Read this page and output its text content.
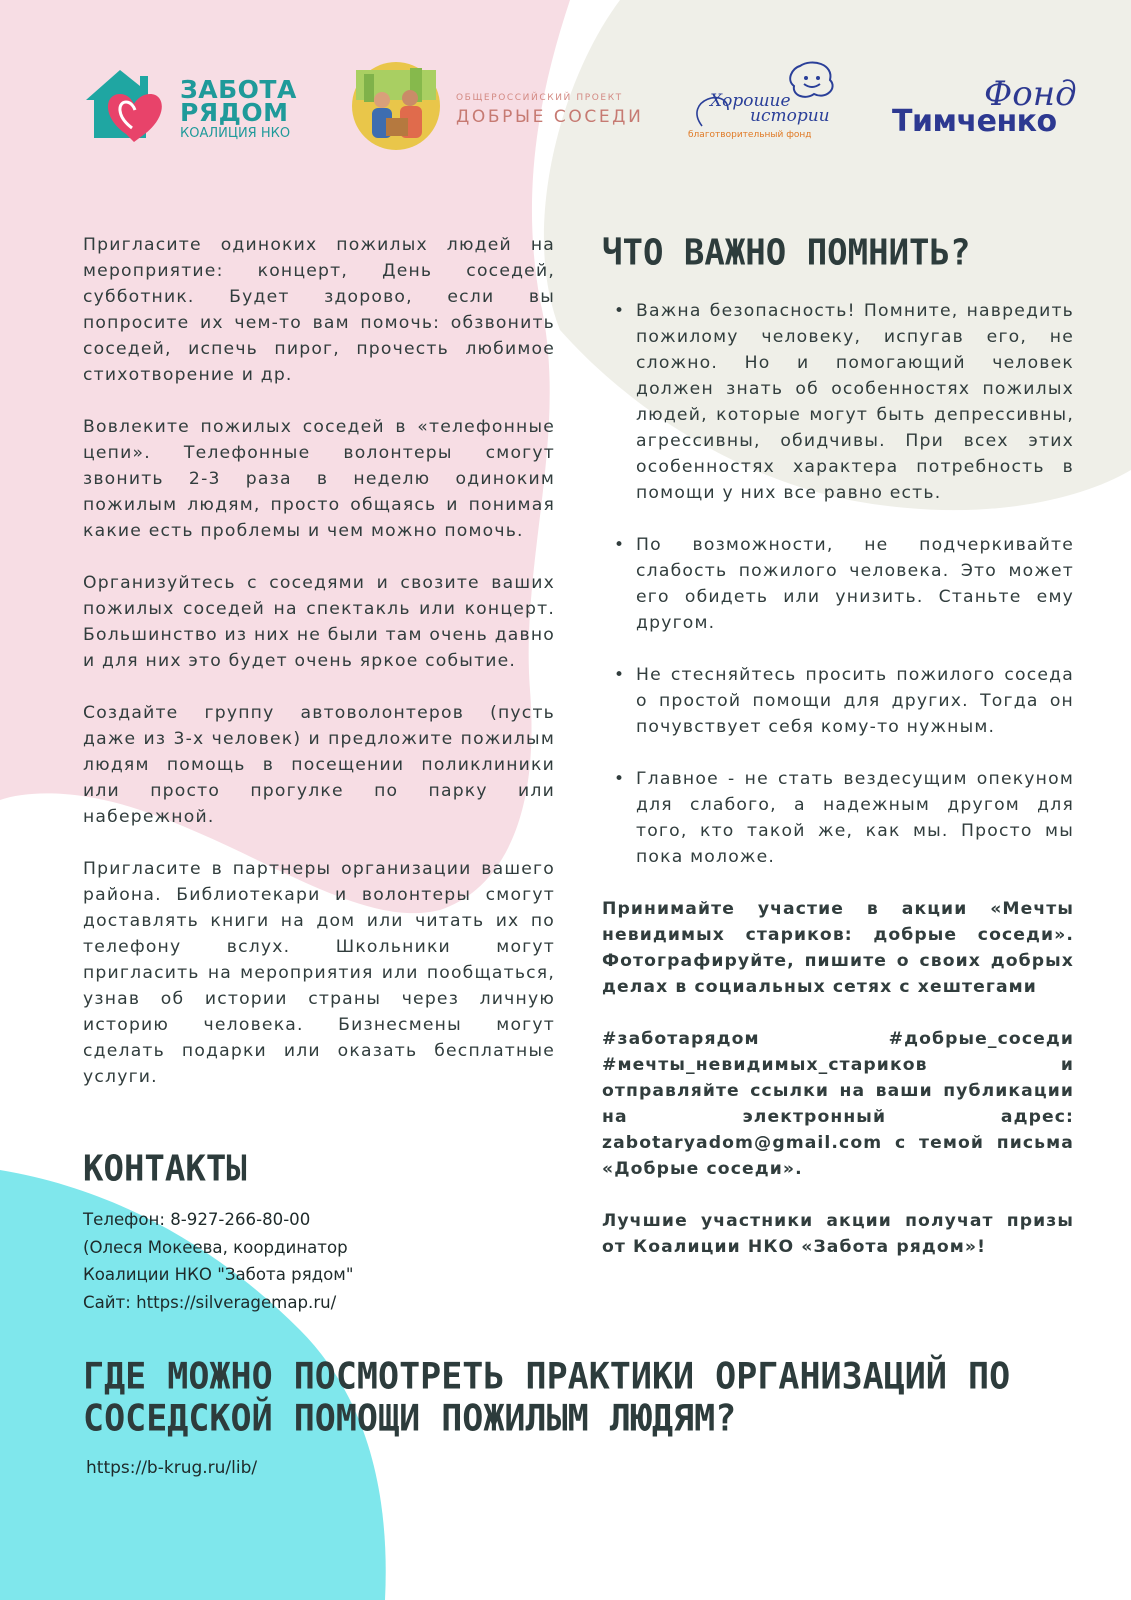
ЗАБОТА
РЯДОМ
КОАЛИЦИЯ НКО
ОБЩЕРОССИЙСКИЙ ПРОЕКТ
ДОБРЫЕ СОСЕДИ
Хорошие
истории
благотворительный фонд
Фонд
Тимченко

Пригласите одиноких пожилых людей на мероприятие: концерт, День соседей, субботник. Будет здорово, если вы попросите их чем-то вам помочь: обзвонить соседей, испечь пирог, прочесть любимое стихотворение и др.

Вовлеките пожилых соседей в «телефонные цепи». Телефонные волонтеры смогут звонить 2-3 раза в неделю одиноким пожилым людям, просто общаясь и понимая какие есть проблемы и чем можно помочь.

Организуйтесь с соседями и свозите ваших пожилых соседей на спектакль или концерт. Большинство из них не были там очень давно и для них это будет очень яркое событие.

Создайте группу автоволонтеров (пусть даже из 3-х человек) и предложите пожилым людям помощь в посещении поликлиники или просто прогулке по парку или набережной.

Пригласите в партнеры организации вашего района. Библиотекари и волонтеры смогут доставлять книги на дом или читать их по телефону вслух. Школьники могут пригласить на мероприятия или пообщаться, узнав об истории страны через личную историю человека. Бизнесмены могут сделать подарки или оказать бесплатные услуги.

ЧТО ВАЖНО ПОМНИТЬ?
• Важна безопасность! Помните, навредить пожилому человеку, испугав его, не сложно. Но и помогающий человек должен знать об особенностях пожилых людей, которые могут быть депрессивны, агрессивны, обидчивы. При всех этих особенностях характера потребность в помощи у них все равно есть.
• По возможности, не подчеркивайте слабость пожилого человека. Это может его обидеть или унизить. Станьте ему другом.
• Не стесняйтесь просить пожилого соседа о простой помощи для других. Тогда он почувствует себя кому-то нужным.
• Главное - не стать вездесущим опекуном для слабого, а надежным другом для того, кто такой же, как мы. Просто мы пока моложе.

Принимайте участие в акции «Мечты невидимых стариков: добрые соседи». Фотографируйте, пишите о своих добрых делах в социальных сетях с хештегами

#заботарядом #добрые_соседи #мечты_невидимых_стариков и отправляйте ссылки на ваши публикации на электронный адрес: zabotaryadom@gmail.com с темой письма «Добрые соседи».

Лучшие участники акции получат призы от Коалиции НКО «Забота рядом»!

КОНТАКТЫ
Телефон: 8-927-266-80-00
(Олеся Мокеева, координатор
Коалиции НКО "Забота рядом"
Сайт: https://silveragemap.ru/
ГДЕ МОЖНО ПОСМОТРЕТЬ ПРАКТИКИ ОРГАНИЗАЦИЙ ПО
СОСЕДСКОЙ ПОМОЩИ ПОЖИЛЫМ ЛЮДЯМ?
https://b-krug.ru/lib/
